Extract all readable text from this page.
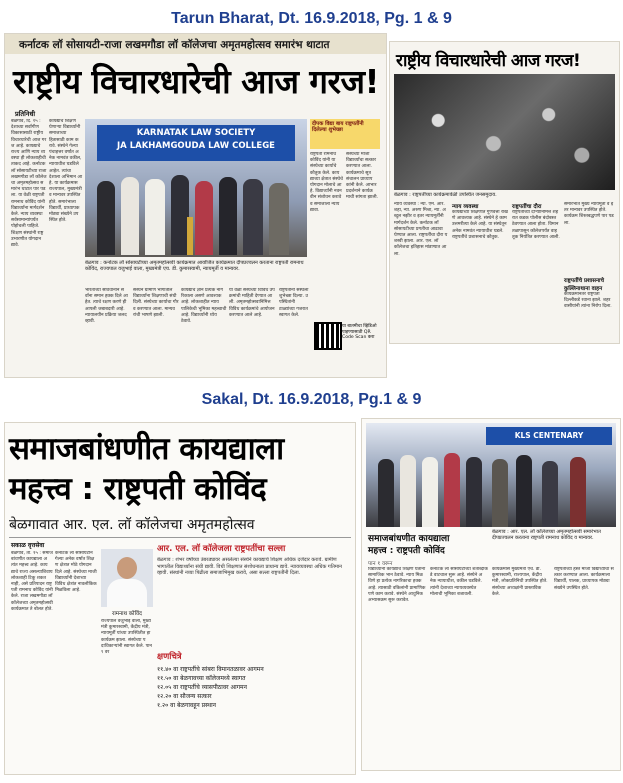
Tarun Bharat, Dt. 16.9.2018, Pg. 1 & 9
Sakal, Dt. 16.9.2018, Pg.1 & 9
कर्नाटक लॉ सोसायटी-राजा लखमगौडा लॉ कॉलेजचा अमृतमहोत्सव समारंभ थाटात
राष्ट्रीय विचारधारेची आज गरज!
प्रतिनिधी
बेळगाव, दि. १५ : देशाच्या सर्वांगीण विकासासाठी राष्ट्रीय विचारधारेची आज गरज आहे. कायद्याचे राज्य आणि न्याय व्यवस्था ही लोकशाहीची ताकद आहे. कर्नाटक लॉ सोसायटीच्या राजा लखमगौडा लॉ कॉलेजचा अमृतमहोत्सव समारंभ थाटात पार पडला. या वेळी राष्ट्रपती रामनाथ कोविंद यांनी विद्यार्थ्यांना मार्गदर्शन केले. न्याय व्यवस्था सर्वसामान्यांपर्यंत पोहोचली पाहिजे. शिक्षण संस्थांनी राष्ट्र उभारणीत योगदान द्यावे.
कायद्याचे शिक्षण घेणाऱ्या विद्यार्थ्यांनी समाजाच्या हितासाठी काम करावे. संस्थेने गेल्या पंचाहत्तर वर्षांत अनेक नामवंत वकील, न्यायाधीश घडविले आहेत. त्यांचा देशाला अभिमान आहे. या कार्यक्रमास राज्यपाल, मुख्यमंत्री व मान्यवर उपस्थित होते. समारंभाला विद्यार्थी, प्राध्यापक मोठ्या संख्येने उपस्थित होते.
KARNATAK LAW SOCIETY
JA LAKHAMGOUDA LAW COLLEGE
बेळगाव : कर्नाटक लॉ सोसायटीच्या अमृतमहोत्सवी कार्यक्रमात आयोजित कार्यक्रमात दीपप्रज्वलन करताना राष्ट्रपती रामनाथ कोविंद, राज्यपाल वजुभाई वाला, मुख्यमंत्री एच. डी. कुमारस्वामी, न्यायमूर्ती व मान्यवर.
दीपक विद्या बाय राष्ट्रपतींनी दिलेल्या शुभेच्छा
राष्ट्रपती रामनाथ कोविंद यांनी या संस्थेच्या कार्याचे कौतुक केले. कायद्याच्या क्षेत्रात संस्थेचे योगदान मोलाचे आहे. विद्यार्थ्यांनी नवनवीन संशोधन करावे व समाजाला न्याय द्यावा.
संस्थेच्या माजी विद्यार्थ्यांचा सत्कार करण्यात आला. कार्यक्रमाचे सूत्रसंचालन प्राध्यापकांनी केले. आभार प्रदर्शनाने कार्यक्रमाची सांगता झाली.
या बातमीचा व्हिडिओ पाहण्यासाठी QR Code Scan करा
भारताच्या संविधानाने सर्वांना समान हक्क दिले आहेत. त्याचे रक्षण करणे ही आपली जबाबदारी आहे. न्यायालयीन प्रक्रिया जलद व्हावी.
संस्थेने ग्रामीण भागातील विद्यार्थ्यांना शिक्षणाची संधी दिली. संस्थेच्या कार्याचा गौरव करण्यात आला. मान्यवरांची भाषणे झाली.
कायद्याचे ज्ञान प्रत्येक नागरिकाला असणे आवश्यक आहे. लोकशाहीत न्यायपालिकेची भूमिका महत्त्वाची आहे. विद्यार्थ्यांनी ध्येय ठेवावे.
या वेळी संस्थेच्या विविध उपक्रमांची माहिती देण्यात आली. अमृतमहोत्सवानिमित्त विविध कार्यक्रमांचे आयोजन करण्यात आले आहे.
राष्ट्रपतींनी संस्थेला शुभेच्छा दिल्या. उपस्थितांनी टाळ्यांच्या गजरात स्वागत केले.
राष्ट्रीय विचारधारेची आज गरज!
बेळगाव : राष्ट्रपतींच्या कार्यक्रमावेळी उपस्थित जनसमुदाय.
न्याय व्यवस्था : न्या. एम. आर. शहा, न्या. अरुण मिश्रा, न्या. अब्दुल नझीर व इतर न्यायमूर्तींनी मार्गदर्शन केले. कर्नाटक लॉ सोसायटीच्या प्रगतीचा आढावा घेण्यात आला. राष्ट्रपतींचा दौरा यशस्वी झाला. आर. एल. लॉ कॉलेजचा इतिहास मांडण्यात आला.
न्याय व्यवस्था
कायद्याच्या शिक्षणात गुणवत्ता राखणे आवश्यक आहे. संस्थेने हे काम उत्तमरीत्या केले आहे. या संस्थेतून अनेक नामवंत न्यायाधीश घडले. राष्ट्रपतींचे प्रशासनाचे कौतुक.
राष्ट्रपतींचा दौरा
राष्ट्रपतींच्या दौऱ्यानिमित्त शहरात कडक पोलीस बंदोबस्त ठेवण्यात आला होता. विमानतळापासून कॉलेजपर्यंत वाहतूक नियंत्रित करण्यात आली.
राष्ट्रपतींचे प्रशासनाचे
समारंभात मुख्य न्यायमूर्ती व इतर मान्यवर उपस्थित होते. कार्यक्रम शिस्तबद्धपणे पार पडला.
कुल्लिनाथाना वाहन
कार्यक्रमानंतर राष्ट्रपती दिल्लीकडे रवाना झाले. शहरवासीयांनी त्यांना निरोप दिला.
समाजबांधणीत कायद्याला
महत्त्व : राष्ट्रपती कोविंद
बेळगावात आर. एल. लॉ कॉलेजचा अमृतमहोत्सव
सकाळ वृत्तसेवा
बेळगाव, ता. १५ : समाजबांधणीत कायद्याला अत्यंत महत्त्व आहे. कायद्याचे राज्य असल्याशिवाय लोकशाही टिकू शकत नाही, असे प्रतिपादन राष्ट्रपती रामनाथ कोविंद यांनी केले. राजा लखमगौडा लॉ कॉलेजच्या अमृतमहोत्सवी कार्यक्रमात ते बोलत होते.
कर्नाटक लॉ सोसायटीने गेल्या अनेक वर्षांत शिक्षण क्षेत्रात मोठे योगदान दिले आहे. संस्थेच्या माजी विद्यार्थ्यांनी देशाच्या विविध क्षेत्रांत नावलौकिक मिळविला आहे.
रामनाथ कोविंद
राज्यपाल वजुभाई वाला, मुख्यमंत्री कुमारस्वामी, केंद्रीय मंत्री, न्यायमूर्ती यांच्या उपस्थितीत हा कार्यक्रम झाला. संस्थेच्या पदाधिकाऱ्यांनी स्वागत केले. पान ९ वर
आर. एल. लॉ कॉलेजला राष्ट्रपतींचा सल्ला
बेळगाव : शंभर वर्षांच्या उंबरठ्यावर असलेल्या संस्थेने कायद्याचे शिक्षण अधिक दर्जेदार करावे. ग्रामीण भागातील विद्यार्थ्यांना संधी द्यावी. विधी शिक्षणात संशोधनाला प्राधान्य द्यावे. न्यायव्यवस्था अधिक गतिमान व्हावी. संस्थांनी नव्या पिढीला समाजाभिमुख करावे, असा सल्ला राष्ट्रपतींनी दिला.
क्षणचित्रे
११.४० वा राष्ट्रपतींचे सांबरा विमानतळावर आगमन
११.५० वा बेळगावच्या कॉलेजमध्ये स्वागत
१२.०५ वा राष्ट्रपतींचे व्यासपीठावर आगमन
१२.२० वा सौजन्य सत्कार
१.२० वा बेळगावहून प्रस्थान
KLS CENTENARY
बेळगाव : आर. एल. लॉ कॉलेजच्या अमृतमहोत्सवी समारंभात दीपप्रज्वलन करताना राष्ट्रपती रामनाथ कोविंद व मान्यवर.
समाजबांधणीत कायद्याला
महत्त्व : राष्ट्रपती कोविंद
पान १ वरून
विद्यार्थ्यांनी कायद्याचे शिक्षण घेताना सामाजिक भान ठेवावे. न्याय मिळविणे हा प्रत्येक नागरिकाचा हक्क आहे. त्यासाठी वकिलांनी प्रामाणिकपणे काम करावे. संस्थेने आधुनिक अभ्यासक्रम सुरू करावेत.
कर्नाटक लॉ सोसायटीच्या शताब्दीकडे वाटचाल सुरू आहे. संस्थेने अनेक न्यायाधीश, वकील घडविले. त्यांनी देशाच्या न्यायव्यवस्थेत मोलाची भूमिका बजावली.
कार्यक्रमास मुख्यमंत्री एच. डी. कुमारस्वामी, राज्यपाल, केंद्रीय मंत्री, लोकप्रतिनिधी उपस्थित होते. संस्थेच्या अध्यक्षांनी प्रास्ताविक केले.
राष्ट्रपतींच्या हस्ते माजी विद्यार्थ्यांचा सत्कार करण्यात आला. कार्यक्रमाला विद्यार्थी, पालक, प्राध्यापक मोठ्या संख्येने उपस्थित होते.
